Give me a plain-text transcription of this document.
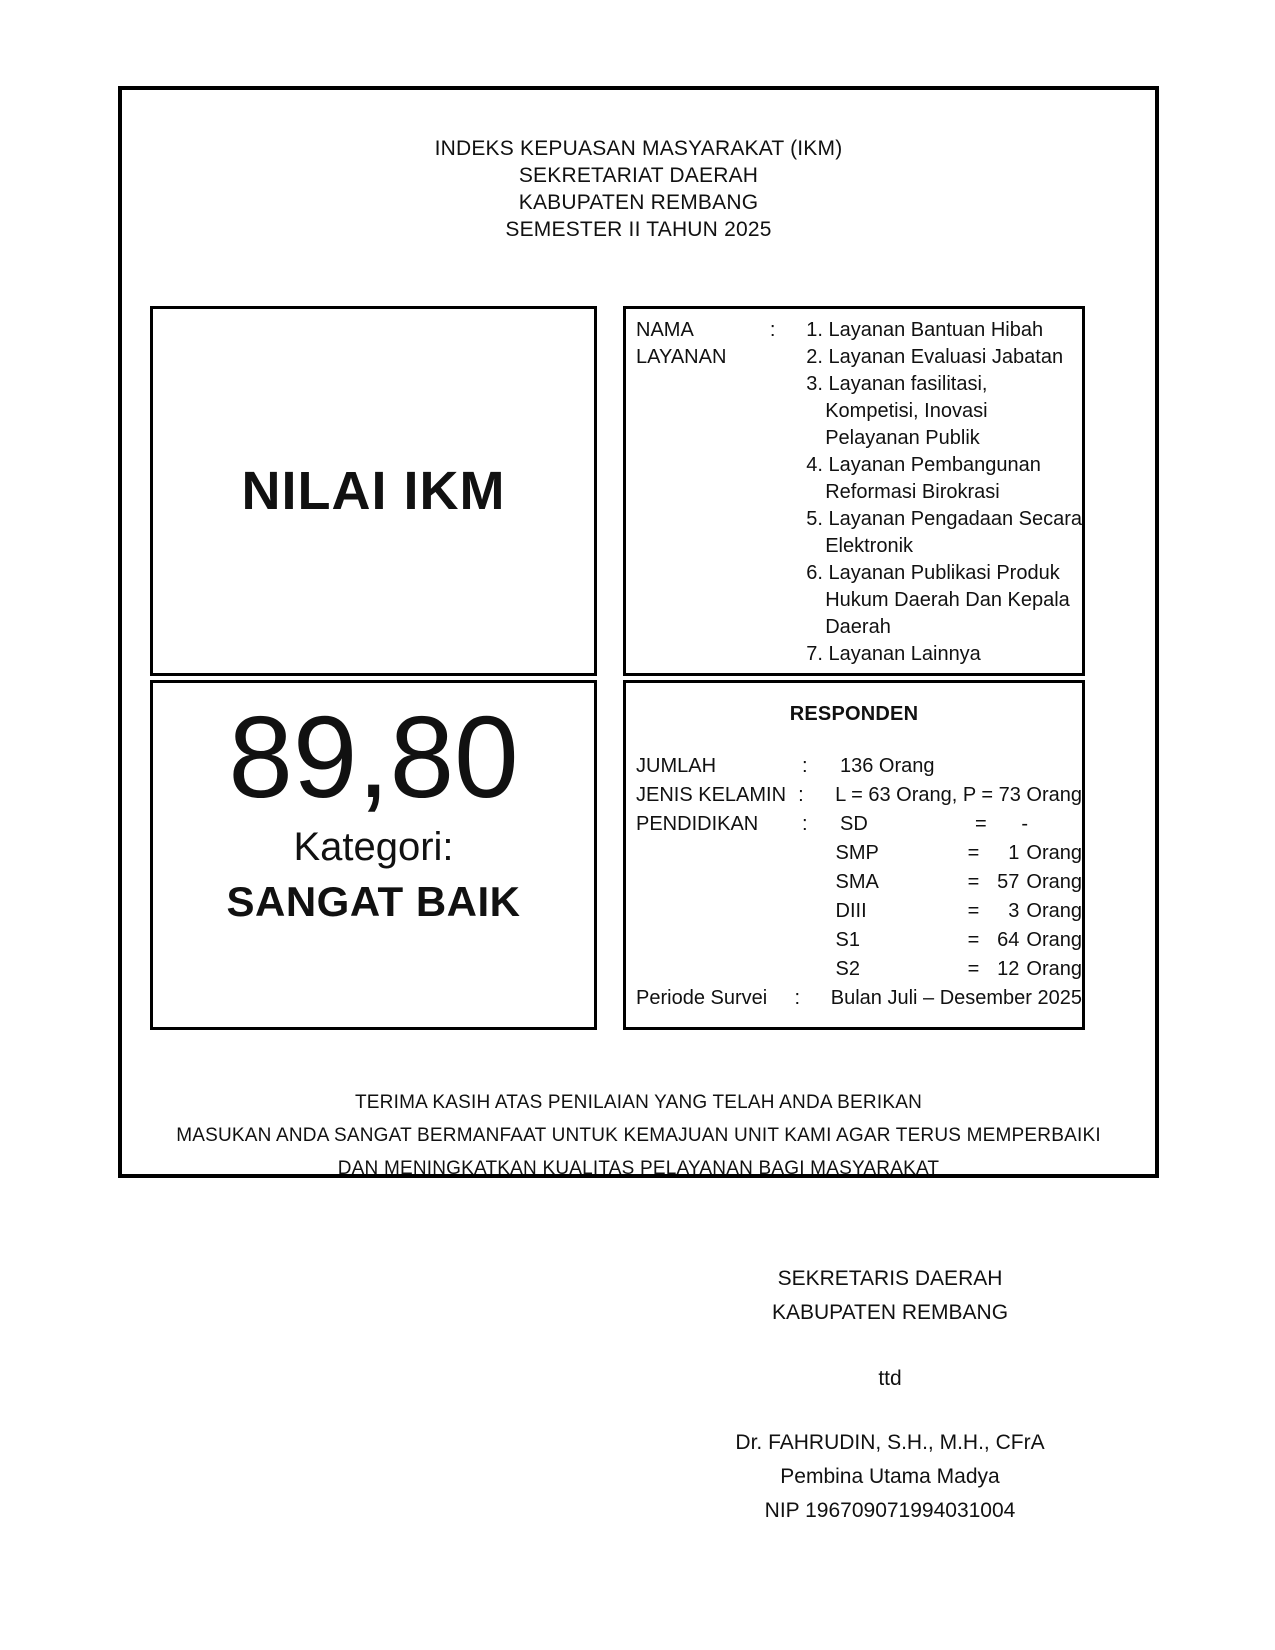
INDEKS KEPUASAN MASYARAKAT (IKM)
SEKRETARIAT DAERAH
KABUPATEN REMBANG
SEMESTER II TAHUN 2025
NILAI IKM
NAMA
LAYANAN
:	1. Layanan Bantuan Hibah
2. Layanan Evaluasi Jabatan
3. Layanan fasilitasi,
Kompetisi, Inovasi
Pelayanan Publik
4. Layanan Pembangunan
Reformasi Birokrasi
5. Layanan Pengadaan Secara
Elektronik
6. Layanan Publikasi Produk
Hukum Daerah Dan Kepala
Daerah
7. Layanan Lainnya
89,80
Kategori:
SANGAT BAIK
RESPONDEN
JUMLAH	:	136 Orang
JENIS KELAMIN :	L = 63 Orang, P = 73 Orang
PENDIDIKAN	:	SD	=	-
SMP	=	1 Orang
SMA	= 57 Orang
DIII	=	3 Orang
S1	= 64 Orang
S2	= 12 Orang
Periode Survei	:	Bulan Juli – Desember 2025
TERIMA KASIH ATAS PENILAIAN YANG TELAH ANDA BERIKAN
MASUKAN ANDA SANGAT BERMANFAAT UNTUK KEMAJUAN UNIT KAMI AGAR TERUS MEMPERBAIKI
DAN MENINGKATKAN KUALITAS PELAYANAN BAGI MASYARAKAT
SEKRETARIS DAERAH
KABUPATEN REMBANG
ttd
Dr. FAHRUDIN, S.H., M.H., CFrA
Pembina Utama Madya
NIP 196709071994031004
